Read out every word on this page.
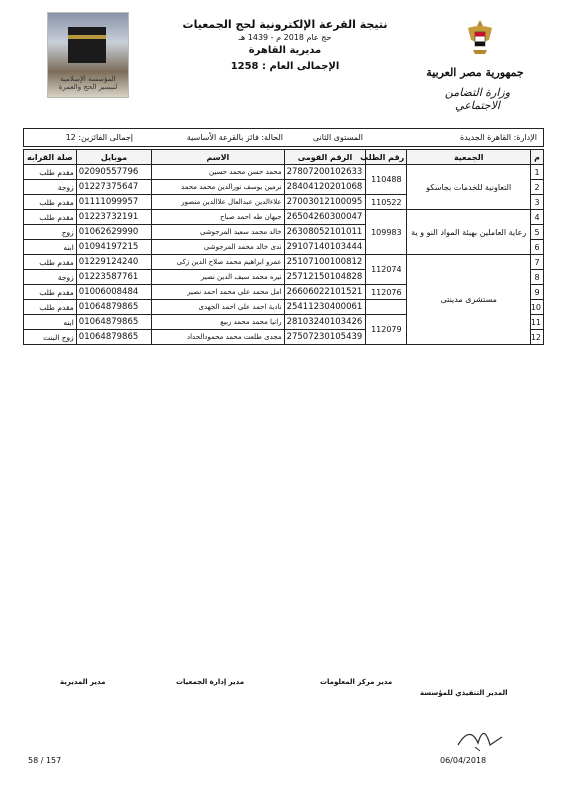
المؤسسة الإسلامية لتيسير الحج والعمرة
نتيجة القرعة الإلكترونية لحج الجمعيات
حج عام 2018 م - 1439 هـ
مديرية القاهرة
الإجمالى العام : 1258	جمهورية مصر العربية
وزارة التضامن الاجتماعي
الإدارة: القاهرة الجديدة
المستوى الثانى
الحالة: فائز بالقرعة الأساسية
إجمالى الفائزين: 12
م	الجمعية	رقم الطلب	الرقم القومى	الاسم	موبايل	صلة القرابه
1	التعاونية للخدمات بجاسكو	110488	27807200102633	محمد حسن محمد حسين	02090557796	مقدم طلب
2			28404120201068	نرمين يوسف نورالدين محمد محمد	01227375647	زوجة
3		110522	27003012100095	علاءالدين عبدالعال علاالدين منصور	01111099957	مقدم طلب
4	رعاية العاملين بهيئة المواد النو و ية	109983	26504260300047	جيهان طه احمد صباح	01223732191	مقدم طلب
5			26308052101011	خالد محمد سعيد المرجوشى	01062629990	زوج
6			29107140103444	ندى خالد محمد المرجوشى	01094197215	ابنه
7	مستشرى مدينتى	112074	25107100100812	عمرو ابراهيم محمد صلاح الدين زكى	01229124240	مقدم طلب
8			25712150104828	نيره محمد سيف الدين نصير	01223587761	زوجة
9		112076	26606022101521	امل محمد على محمد احمد نصير	01006008484	مقدم طلب
10			25411230400061	نادية احمد على احمد الجهدى	01064879865	مقدم طلب
11		112079	28103240103426	رانيا محمد محمد ربيع	01064879865	ابنه
12			27507230105439	مجدى طلعت محمد محمودالحداد	01064879865	زوج البنت
مدير المديرية	مدير إدارة الجمعيات	مدير مركز المعلومات
المدير التنفيذي للمؤسسة
06/04/2018
58 / 157
